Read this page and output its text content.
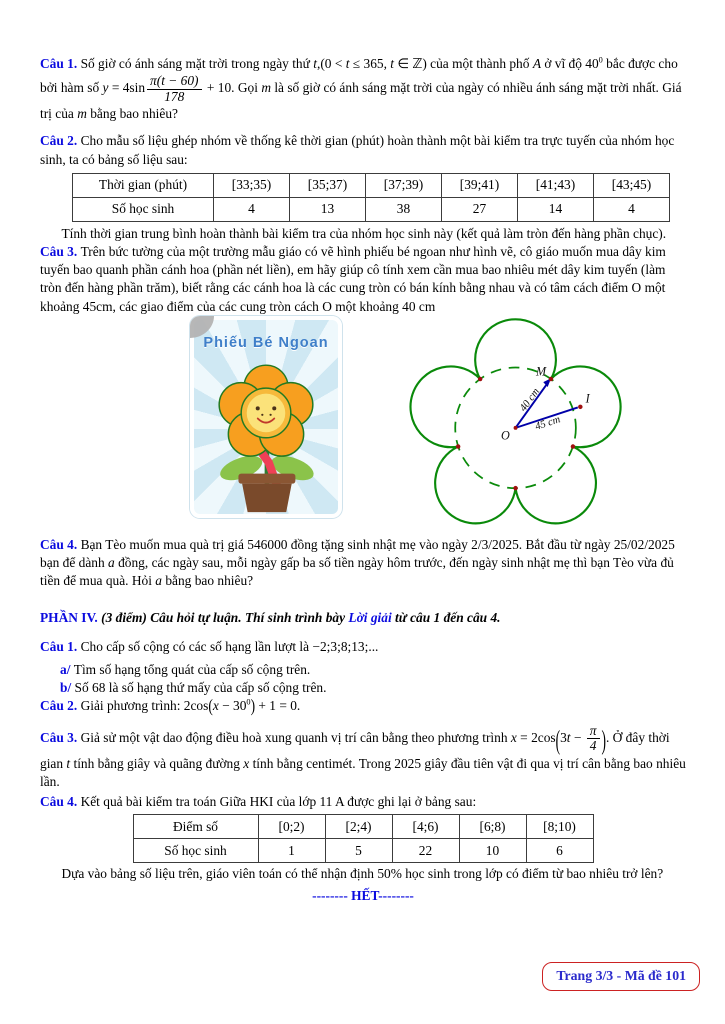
Câu 1. Số giờ có ánh sáng mặt trời trong ngày thứ t,(0 < t ≤ 365, t ∈ ℤ) của một thành phố A ở vĩ độ $40^0$ bắc được cho bởi hàm số $y = 4\sin \frac{\pi(t - 60)}{178} + 10$. Gọi m là số giờ có ánh sáng mặt trời của ngày có nhiều ánh sáng mặt trời nhất. Giá trị của m bằng bao nhiêu?

Câu 2. Cho mẫu số liệu ghép nhóm về thống kê thời gian (phút) hoàn thành một bài kiểm tra trực tuyến của nhóm học sinh, ta có bảng số liệu sau:

Thời gian (phút)	[33;35)	[35;37)	[37;39)	[39;41)	[41;43)	[43;45)
Số học sinh	4	13	38	27	14	4

Tính thời gian trung bình hoàn thành bài kiểm tra của nhóm học sinh này (kết quả làm tròn đến hàng phần chục).

Câu 3. Trên bức tường của một trường mẫu giáo có vẽ hình phiếu bé ngoan như hình vẽ, cô giáo muốn mua dây kim tuyến bao quanh phần cánh hoa (phần nét liền), em hãy giúp cô tính xem cần mua bao nhiêu mét dây kim tuyến (làm tròn đến hàng phần trăm), biết rằng các cánh hoa là các cung tròn có bán kính bằng nhau và có tâm cách điểm O một khoảng 45cm, các giao điểm của các cung tròn cách O một khoảng 40 cm

Phiếu Bé Ngoan
O
M
I
40 cm
45 cm

Câu 4. Bạn Tèo muốn mua quà trị giá 546000 đồng tặng sinh nhật mẹ vào ngày 2/3/2025. Bắt đầu từ ngày 25/02/2025 bạn để dành a đồng, các ngày sau, mỗi ngày gấp ba số tiền ngày hôm trước, đến ngày sinh nhật mẹ thì bạn Tèo vừa đủ tiền để mua quà. Hỏi a bằng bao nhiêu?

PHẦN IV. (3 điểm) Câu hỏi tự luận. Thí sinh trình bày Lời giải từ câu 1 đến câu 4.

Câu 1. Cho cấp số cộng có các số hạng lần lượt là −2;3;8;13;...

a/ Tìm số hạng tổng quát của cấp số cộng trên.

b/ Số 68 là số hạng thứ mấy của cấp số cộng trên.

Câu 2. Giải phương trình: $2\cos(x - 30^0) + 1 = 0$.

Câu 3. Giả sử một vật dao động điều hoà xung quanh vị trí cân bằng theo phương trình $x = 2\cos(3t - \frac{\pi}{4}$ ). Ở đây thời gian t tính bằng giây và quãng đường x tính bằng centimét. Trong 2025 giây đầu tiên vật đi qua vị trí cân bằng bao nhiêu lần.

Câu 4. Kết quả bài kiểm tra toán Giữa HKI của lớp 11 A được ghi lại ở bảng sau:

Điểm số	[0;2)	[2;4)	[4;6)	[6;8)	[8;10)
Số học sinh	1	5	22	10	6

Dựa vào bảng số liệu trên, giáo viên toán có thể nhận định 50% học sinh trong lớp có điểm từ bao nhiêu trở lên?

-------- HẾT--------

Trang 3/3 - Mã đề 101
